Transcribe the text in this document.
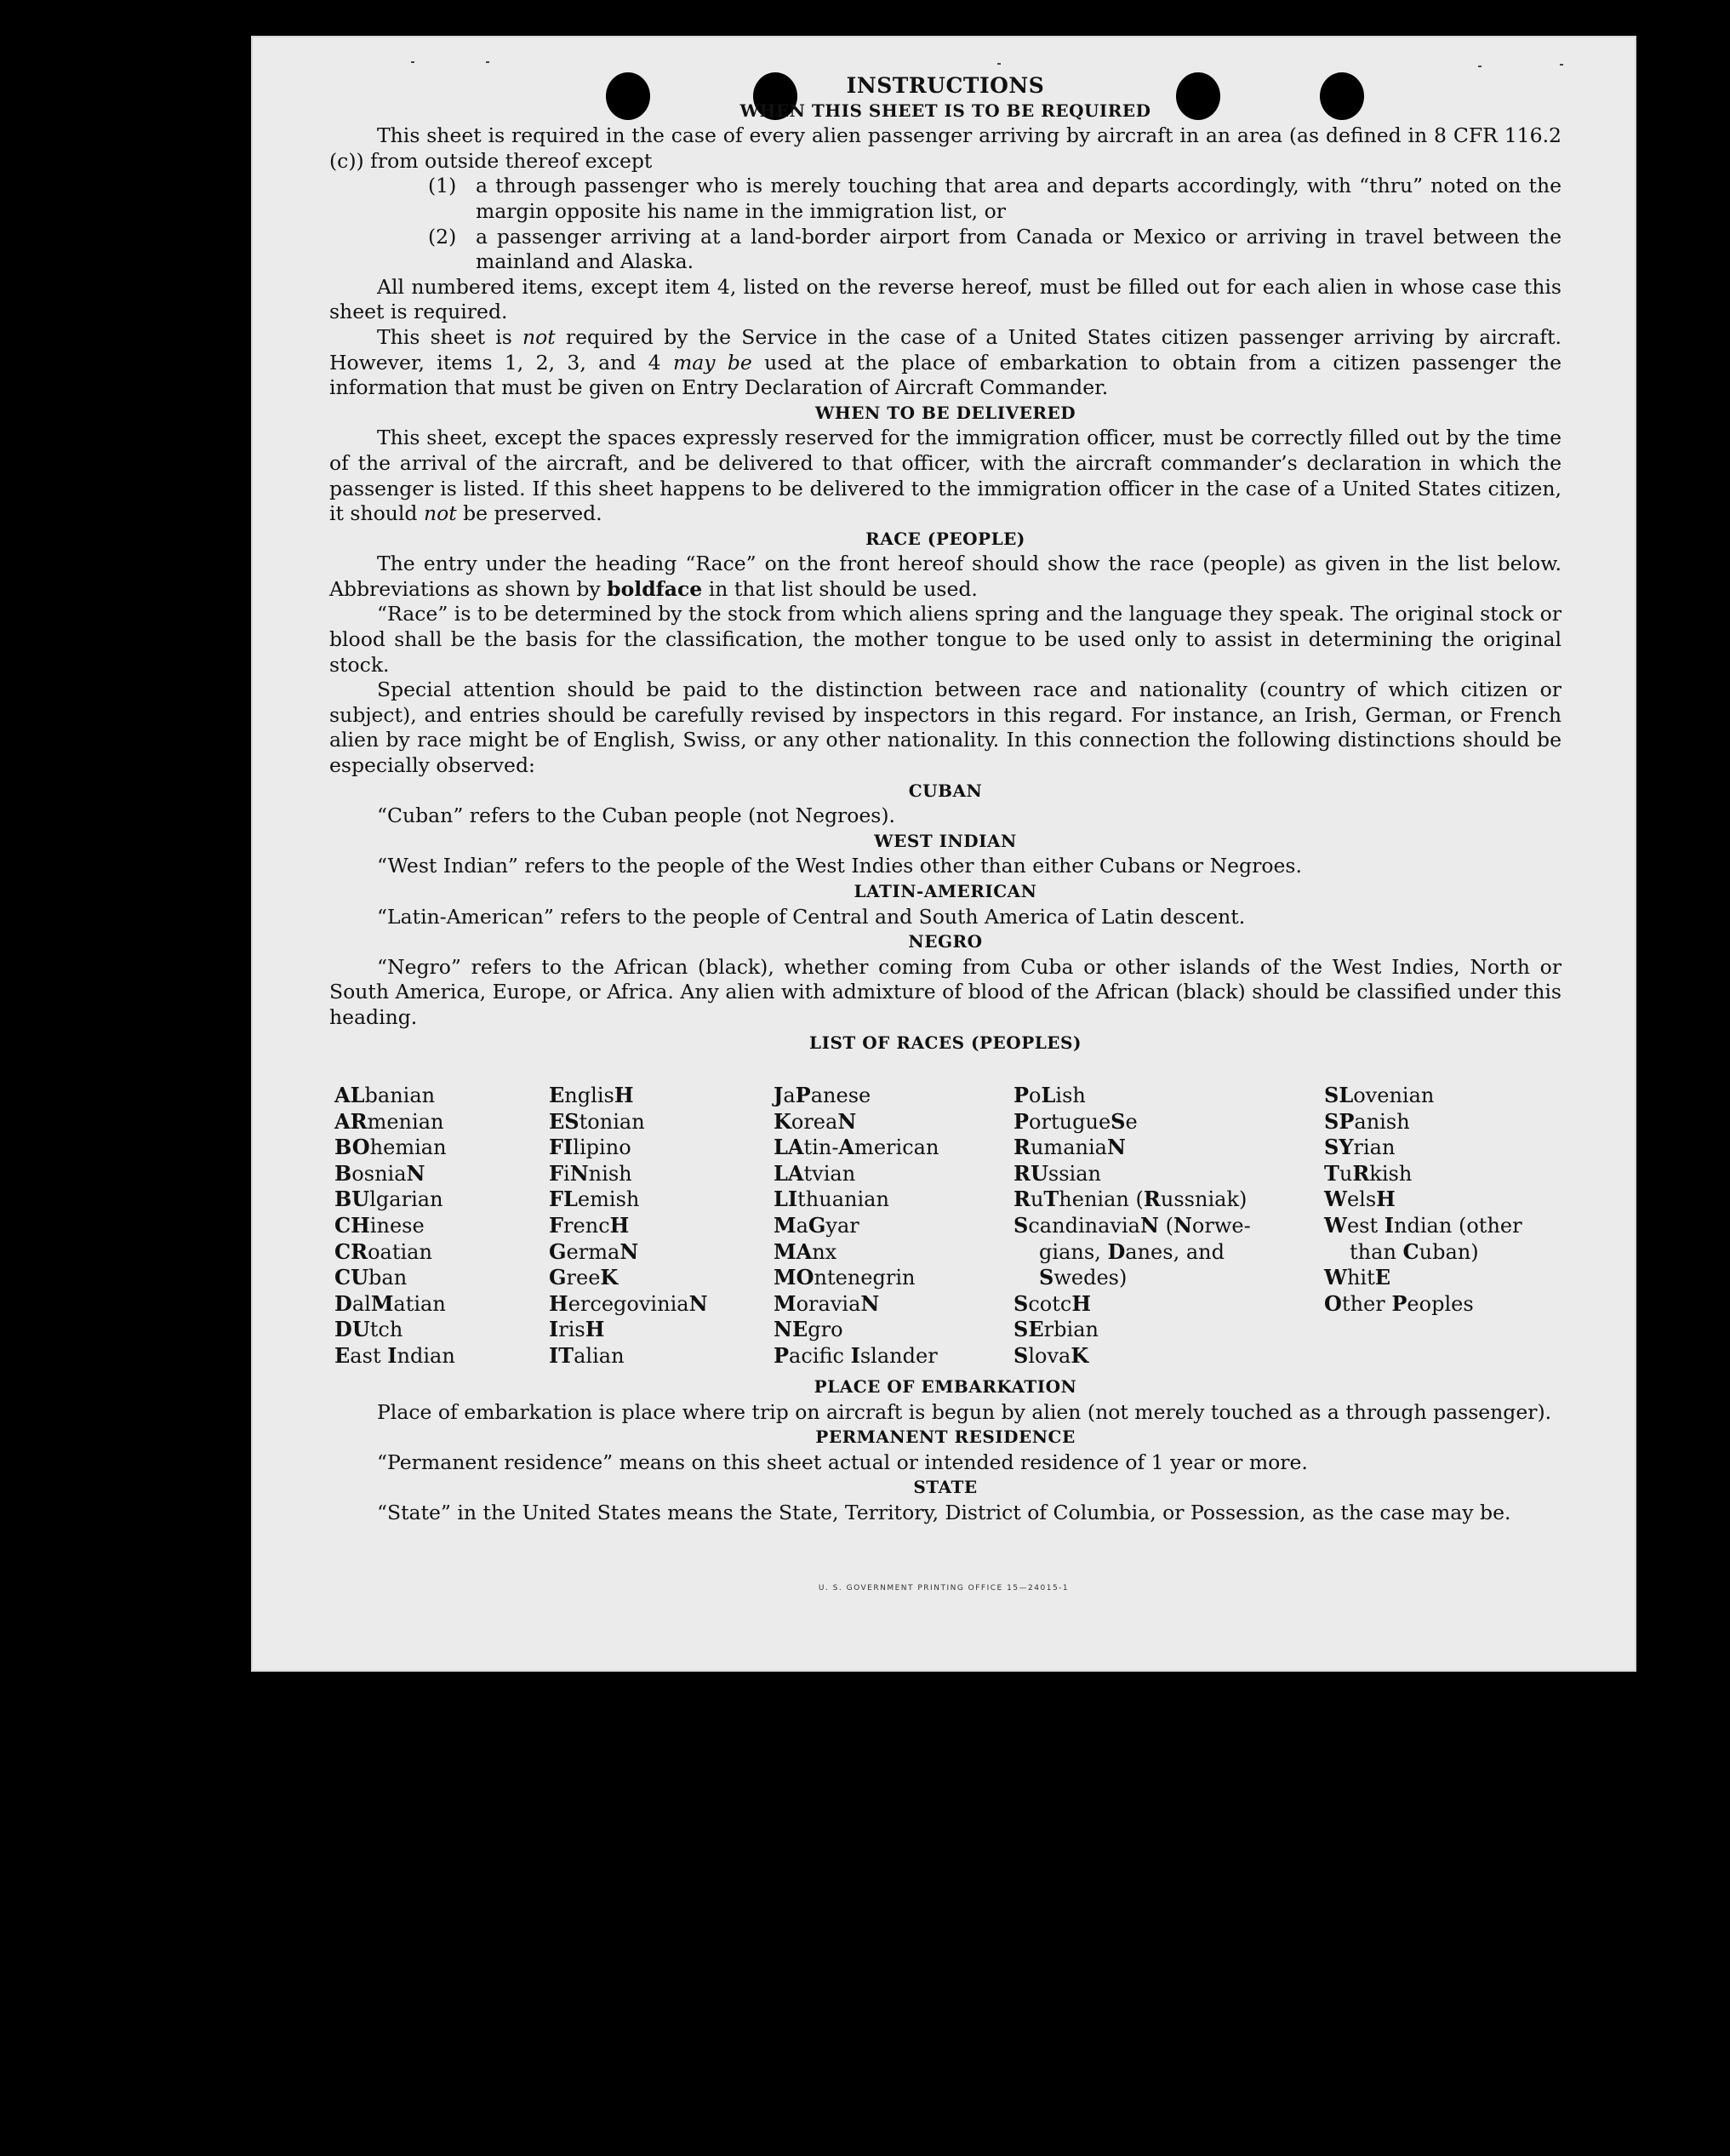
INSTRUCTIONS
WHEN THIS SHEET IS TO BE REQUIRED

This sheet is required in the case of every alien passenger arriving by aircraft in an area (as defined in 8 CFR 116.2 (c)) from outside thereof except

(1) a through passenger who is merely touching that area and departs accordingly, with “thru” noted on the margin opposite his name in the immigration list, or
(2) a passenger arriving at a land-border airport from Canada or Mexico or arriving in travel between the mainland and Alaska.

All numbered items, except item 4, listed on the reverse hereof, must be filled out for each alien in whose case this sheet is required.

This sheet is not required by the Service in the case of a United States citizen passenger arriving by aircraft. However, items 1, 2, 3, and 4 may be used at the place of embarkation to obtain from a citizen passenger the information that must be given on Entry Declaration of Aircraft Commander.

WHEN TO BE DELIVERED

This sheet, except the spaces expressly reserved for the immigration officer, must be correctly filled out by the time of the arrival of the aircraft, and be delivered to that officer, with the aircraft commander’s declaration in which the passenger is listed. If this sheet happens to be delivered to the immigration officer in the case of a United States citizen, it should not be preserved.

RACE (PEOPLE)

The entry under the heading “Race” on the front hereof should show the race (people) as given in the list below. Abbreviations as shown by boldface in that list should be used.

“Race” is to be determined by the stock from which aliens spring and the language they speak. The original stock or blood shall be the basis for the classification, the mother tongue to be used only to assist in determining the original stock.

Special attention should be paid to the distinction between race and nationality (country of which citizen or subject), and entries should be carefully revised by inspectors in this regard. For instance, an Irish, German, or French alien by race might be of English, Swiss, or any other nationality. In this connection the following distinctions should be especially observed:

CUBAN

“Cuban” refers to the Cuban people (not Negroes).

WEST INDIAN

“West Indian” refers to the people of the West Indies other than either Cubans or Negroes.

LATIN-AMERICAN

“Latin-American” refers to the people of Central and South America of Latin descent.

NEGRO

“Negro” refers to the African (black), whether coming from Cuba or other islands of the West Indies, North or South America, Europe, or Africa. Any alien with admixture of blood of the African (black) should be classified under this heading.

LIST OF RACES (PEOPLES)
ALbanian
ARmenian
BOhemian
BosniaN
BUlgarian
CHinese
CRoatian
CUban
DalMatian
DUtch
East Indian
EnglisH
EStonian
FIlipino
FiNnish
FLemish
FrencH
GermaN
GreeK
HercegoviniaN
IrisH
ITalian
JaPanese
KoreaN
LAtin-American
LAtvian
LIthuanian
MaGyar
MAnx
MOntenegrin
MoraviaN
NEgro
Pacifc Islander
PoLish
PortugueSe
RumaniaN
RUssian
RuThenian (Russniak)
ScandinaviaN (Norwe-
gians, Danes, and
Swedes)
ScotcH
SErbian
SlovaK
SLovenian
SPanish
SYrian
TuRkish
WelsH
West Indian (other
than Cuban)
WhitE
Other Peoples
PLACE OF EMBARKATION

Place of embarkation is place where trip on aircraft is begun by alien (not merely touched as a through passenger).

PERMANENT RESIDENCE

“Permanent residence” means on this sheet actual or intended residence of 1 year or more.

STATE

“State” in the United States means the State, Territory, District of Columbia, or Possession, as the case may be.

U. S. GOVERNMENT PRINTING OFFICE 15—24015-1
